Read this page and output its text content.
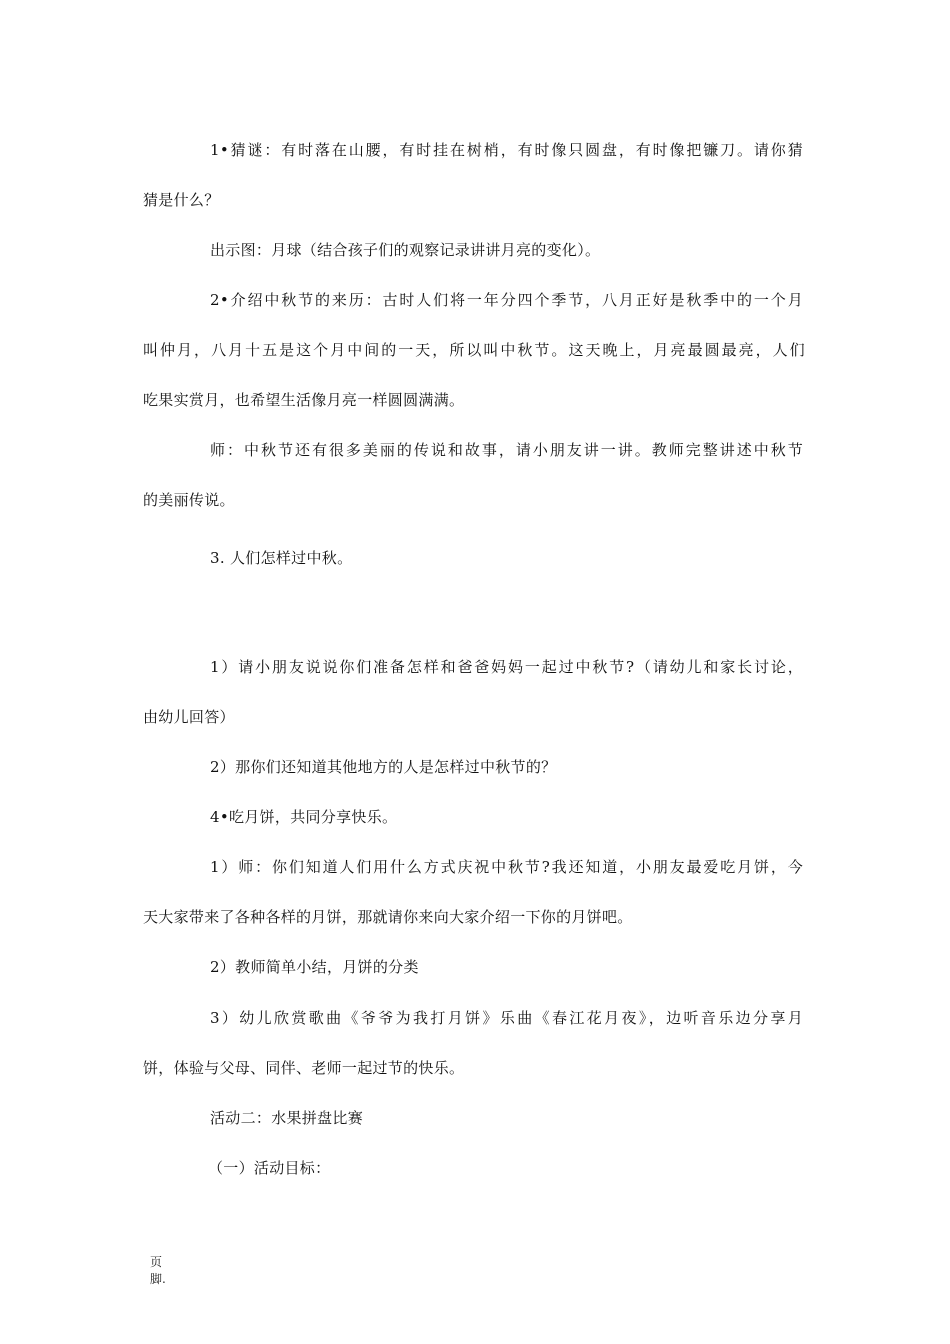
1•猜谜：有时落在山腰，有时挂在树梢，有时像只圆盘，有时像把镰刀。请你猜
猜是什么？
出示图：月球（结合孩子们的观察记录讲讲月亮的变化）。
2•介绍中秋节的来历：古时人们将一年分四个季节，八月正好是秋季中的一个月
叫仲月，八月十五是这个月中间的一天，所以叫中秋节。这天晚上，月亮最圆最亮，人们
吃果实赏月，也希望生活像月亮一样圆圆满满。
师：中秋节还有很多美丽的传说和故事，请小朋友讲一讲。教师完整讲述中秋节
的美丽传说。
3. 人们怎样过中秋。
1）请小朋友说说你们准备怎样和爸爸妈妈一起过中秋节?（请幼儿和家长讨论，
由幼儿回答）
2）那你们还知道其他地方的人是怎样过中秋节的？
4•吃月饼，共同分享快乐。
1）师：你们知道人们用什么方式庆祝中秋节?我还知道，小朋友最爱吃月饼，今
天大家带来了各种各样的月饼，那就请你来向大家介绍一下你的月饼吧。
2）教师简单小结，月饼的分类
3）幼儿欣赏歌曲《爷爷为我打月饼》乐曲《春江花月夜》，边听音乐边分享月
饼，体验与父母、同伴、老师一起过节的快乐。
活动二：水果拼盘比赛
（一）活动目标：
页
脚.
